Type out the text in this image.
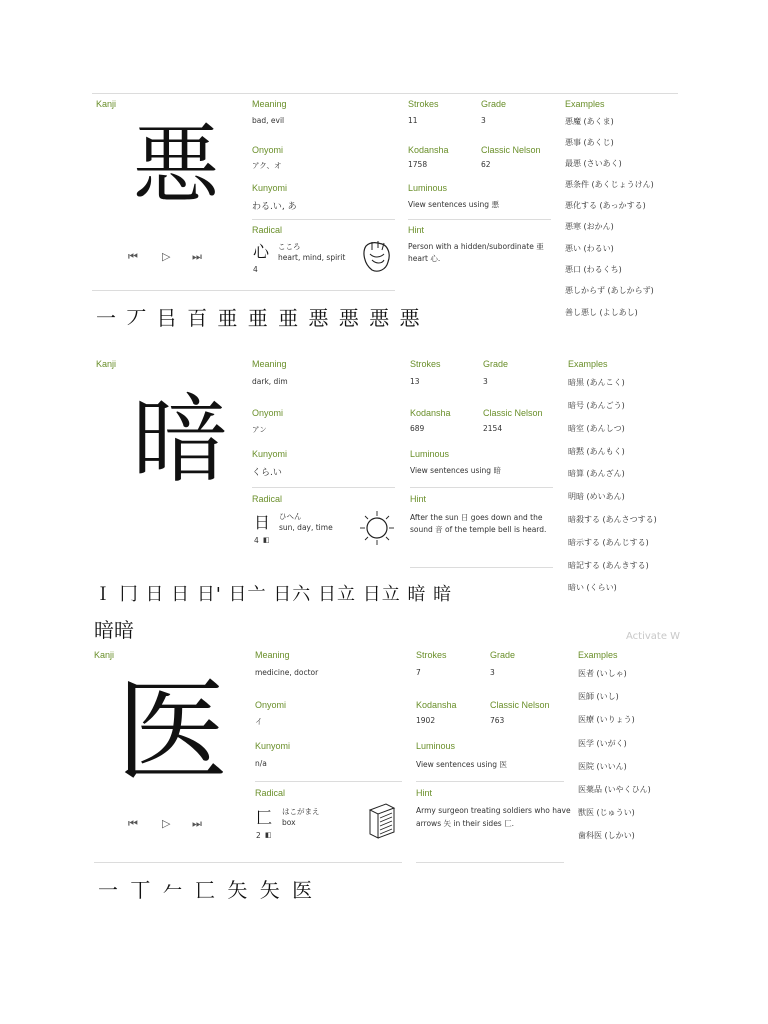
Kanji
悪
⏮ ▷ ⏭
Meaning
bad, evil
Onyomi
アク、オ
Kunyomi
わる.い, あ
Radical
心 こころ
heart, mind, spirit
4
Strokes
11
Grade
3
Kodansha
1758
Classic Nelson
62
Luminous
View sentences using 悪
Hint
Person with a hidden/subordinate 亜
heart 心.
Examples
悪魔 (あくま)
悪事 (あくじ)
最悪 (さいあく)
悪条件 (あくじょうけん)
悪化する (あっかする)
悪寒 (おかん)
悪い (わるい)
悪口 (わるくち)
悪しからず (あしからず)
善し悪し (よしあし)
一 丆 㠯 百 亜 亜 亜 悪 悪 悪 悪
Kanji
暗
Meaning
dark, dim
Onyomi
アン
Kunyomi
くら.い
Radical
日 ひへん
sun, day, time
4 ◧
Strokes
13
Grade
3
Kodansha
689
Classic Nelson
2154
Luminous
View sentences using 暗
Hint
After the sun 日 goes down and the
sound 音 of the temple bell is heard.
Examples
暗黒 (あんこく)
暗号 (あんごう)
暗室 (あんしつ)
暗黙 (あんもく)
暗算 (あんざん)
明暗 (めいあん)
暗殺する (あんさつする)
暗示する (あんじする)
暗記する (あんきする)
暗い (くらい)
Ｉ 冂 日 日 日' 日亠 日六 日立 日立 暗 暗
暗暗	Activate W
Kanji
医
⏮ ▷ ⏭
Meaning
medicine, doctor
Onyomi
イ
Kunyomi
n/a
Radical
匚 はこがまえ
box
2 ◧
Strokes
7
Grade
3
Kodansha
1902
Classic Nelson
763
Luminous
View sentences using 医
Hint
Army surgeon treating soldiers who have
arrows 矢 in their sides 匚.
Examples
医者 (いしゃ)
医師 (いし)
医療 (いりょう)
医学 (いがく)
医院 (いいん)
医薬品 (いやくひん)
獣医 (じゅうい)
歯科医 (しかい)
一 丅 𠂉 匸 矢 矢 医
